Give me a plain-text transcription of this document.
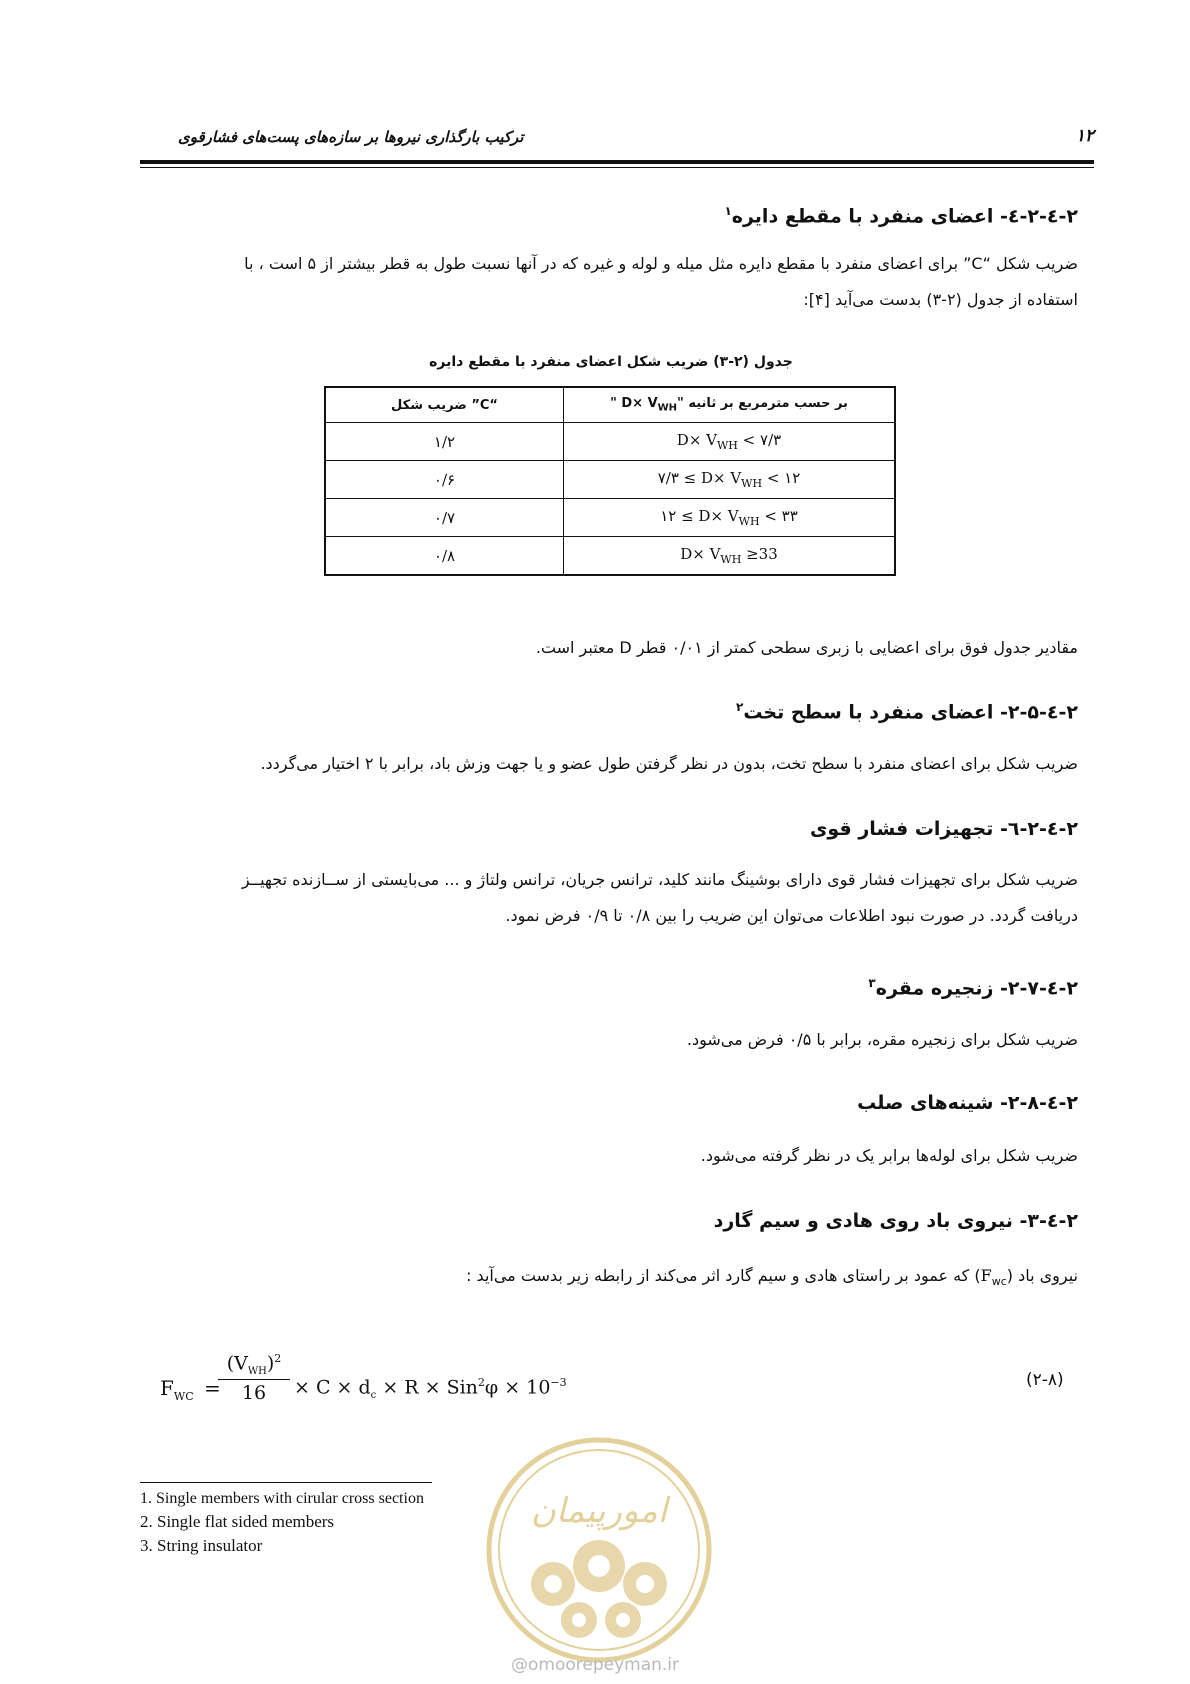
ترکیب بارگذاری نیروها بر سازه‌های پست‌های فشارقوی	۱۲
۲-٤-۲-٤- اعضای منفرد با مقطع دایره$^۱$
ضریب شکل “C” برای اعضای منفرد با مقطع دایره مثل میله و لوله و غیره که در آنها نسبت طول به قطر بیشتر از ۵ است ، با
استفاده از جدول (۲-۳) بدست می‌آید [۴]:
جدول (۲-۳) ضریب شکل اعضای منفرد با مقطع دایره
“C” ضریب شکل	" $D\times V_{WH}$" بر حسب مترمربع بر ثانیه
۱/۲	$D\times V_{WH}$ < ۷/۳
۰/۶	۷/۳ ≤ $D\times V_{WH}$ < ۱۲
۰/۷	۱۲ ≤ $D\times V_{WH}$ < ۳۳
۰/۸	$D\times V_{WH} \ge 33$
مقادیر جدول فوق برای اعضایی با زبری سطحی کمتر از ۰/۰۱ قطر D معتبر است.
۲-٤-۲-۵- اعضای منفرد با سطح تخت$^۲$
ضریب شکل برای اعضای منفرد با سطح تخت، بدون در نظر گرفتن طول عضو و یا جهت وزش باد، برابر با ۲ اختیار می‌گردد.
۲-٤-۲-٦- تجهیزات فشار قوی
ضریب شکل برای تجهیزات فشار قوی دارای بوشینگ مانند کلید، ترانس جریان، ترانس ولتاژ و ... می‌بایستی از ســازنده تجهیــز
دریافت گردد. در صورت نبود اطلاعات می‌توان این ضریب را بین ۰/۸ تا ۰/۹ فرض نمود.
۲-٤-۲-۷- زنجیره مقره$^۳$
ضریب شکل برای زنجیره مقره، برابر با ۰/۵ فرض می‌شود.
۲-٤-۲-۸- شینه‌های صلب
ضریب شکل برای لوله‌ها برابر یک در نظر گرفته می‌شود.
۲-٤-۳- نیروی باد روی هادی و سیم گارد
نیروی باد $(F_{wc})$ که عمود بر راستای هادی و سیم گارد اثر می‌کند از رابطه زیر بدست می‌آید :
$F_{WC}$ =
$(V_{WH})^2$
16	× $C \times d_c \times R \times Sin^2\varphi \times 10^{-3}$	(۲-۸)
امورپیمان
@omoorepeyman.ir
1. Single members with cirular cross section
2. Single flat sided members
3. String insulator
